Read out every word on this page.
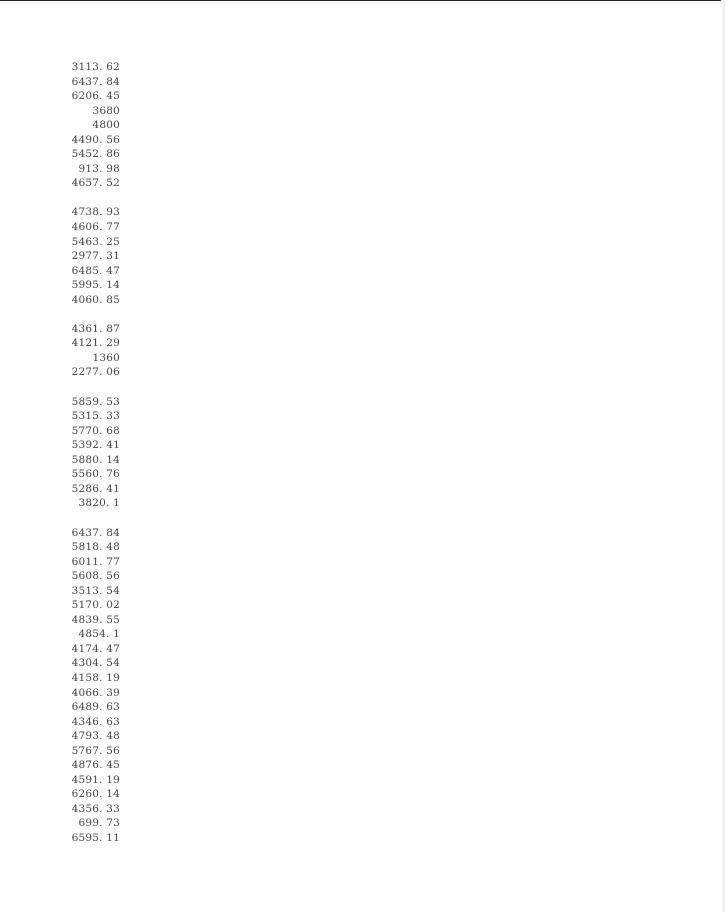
3113. 62
6437. 84
6206. 45
3680
4800
4490. 56
5452. 86
913. 98
4657. 52
4738. 93
4606. 77
5463. 25
2977. 31
6485. 47
5995. 14
4060. 85
4361. 87
4121. 29
1360
2277. 06
5859. 53
5315. 33
5770. 68
5392. 41
5880. 14
5560. 76
5286. 41
3820. 1
6437. 84
5818. 48
6011. 77
5608. 56
3513. 54
5170. 02
4839. 55
4854. 1
4174. 47
4304. 54
4158. 19
4066. 39
6489. 63
4346. 63
4793. 48
5767. 56
4876. 45
4591. 19
6260. 14
4356. 33
699. 73
6595. 11
